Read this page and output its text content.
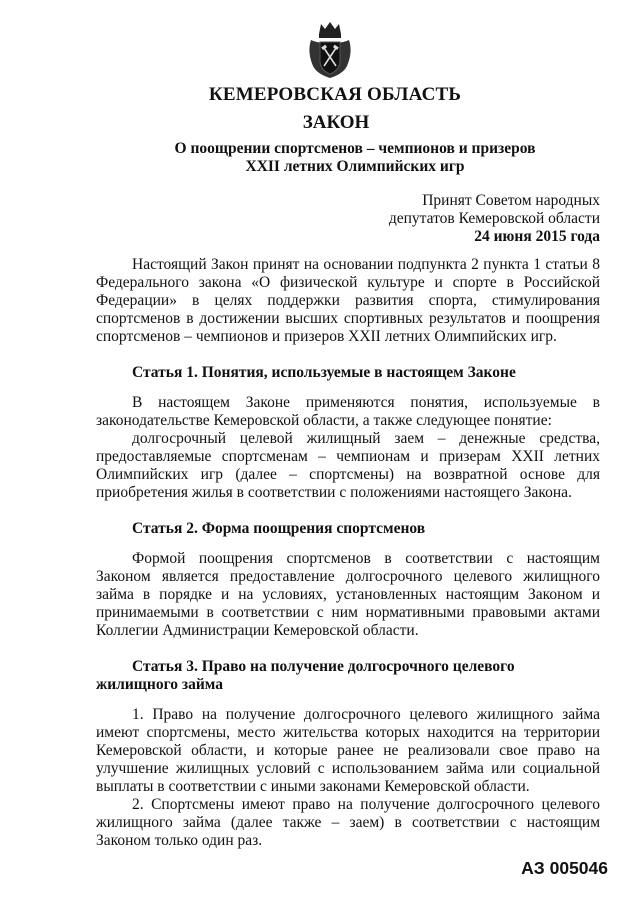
КЕМЕРОВСКАЯ ОБЛАСТЬ
ЗАКОН
О поощрении спортсменов – чемпионов и призеров
XXII летних Олимпийских игр
Принят Советом народных
депутатов Кемеровской области
24 июня 2015 года

Настоящий Закон принят на основании подпункта 2 пункта 1 статьи 8 Федерального закона «О физической культуре и спорте в Российской Федерации» в целях поддержки развития спорта, стимулирования спортсменов в достижении высших спортивных результатов и поощрения спортсменов – чемпионов и призеров XXII летних Олимпийских игр.

Статья 1. Понятия, используемые в настоящем Законе

В настоящем Законе применяются понятия, используемые в законодательстве Кемеровской области, а также следующее понятие:

долгосрочный целевой жилищный заем – денежные средства, предоставляемые спортсменам – чемпионам и призерам XXII летних Олимпийских игр (далее – спортсмены) на возвратной основе для приобретения жилья в соответствии с положениями настоящего Закона.

Статья 2. Форма поощрения спортсменов

Формой поощрения спортсменов в соответствии с настоящим Законом является предоставление долгосрочного целевого жилищного займа в порядке и на условиях, установленных настоящим Законом и принимаемыми в соответствии с ним нормативными правовыми актами Коллегии Администрации Кемеровской области.

Статья 3. Право на получение долгосрочного целевого жилищного займа

1. Право на получение долгосрочного целевого жилищного займа имеют спортсмены, место жительства которых находится на территории Кемеровской области, и которые ранее не реализовали свое право на улучшение жилищных условий с использованием займа или социальной выплаты в соответствии с иными законами Кемеровской области.

2. Спортсмены имеют право на получение долгосрочного целевого жилищного займа (далее также – заем) в соответствии с настоящим Законом только один раз.

АЗ 005046
